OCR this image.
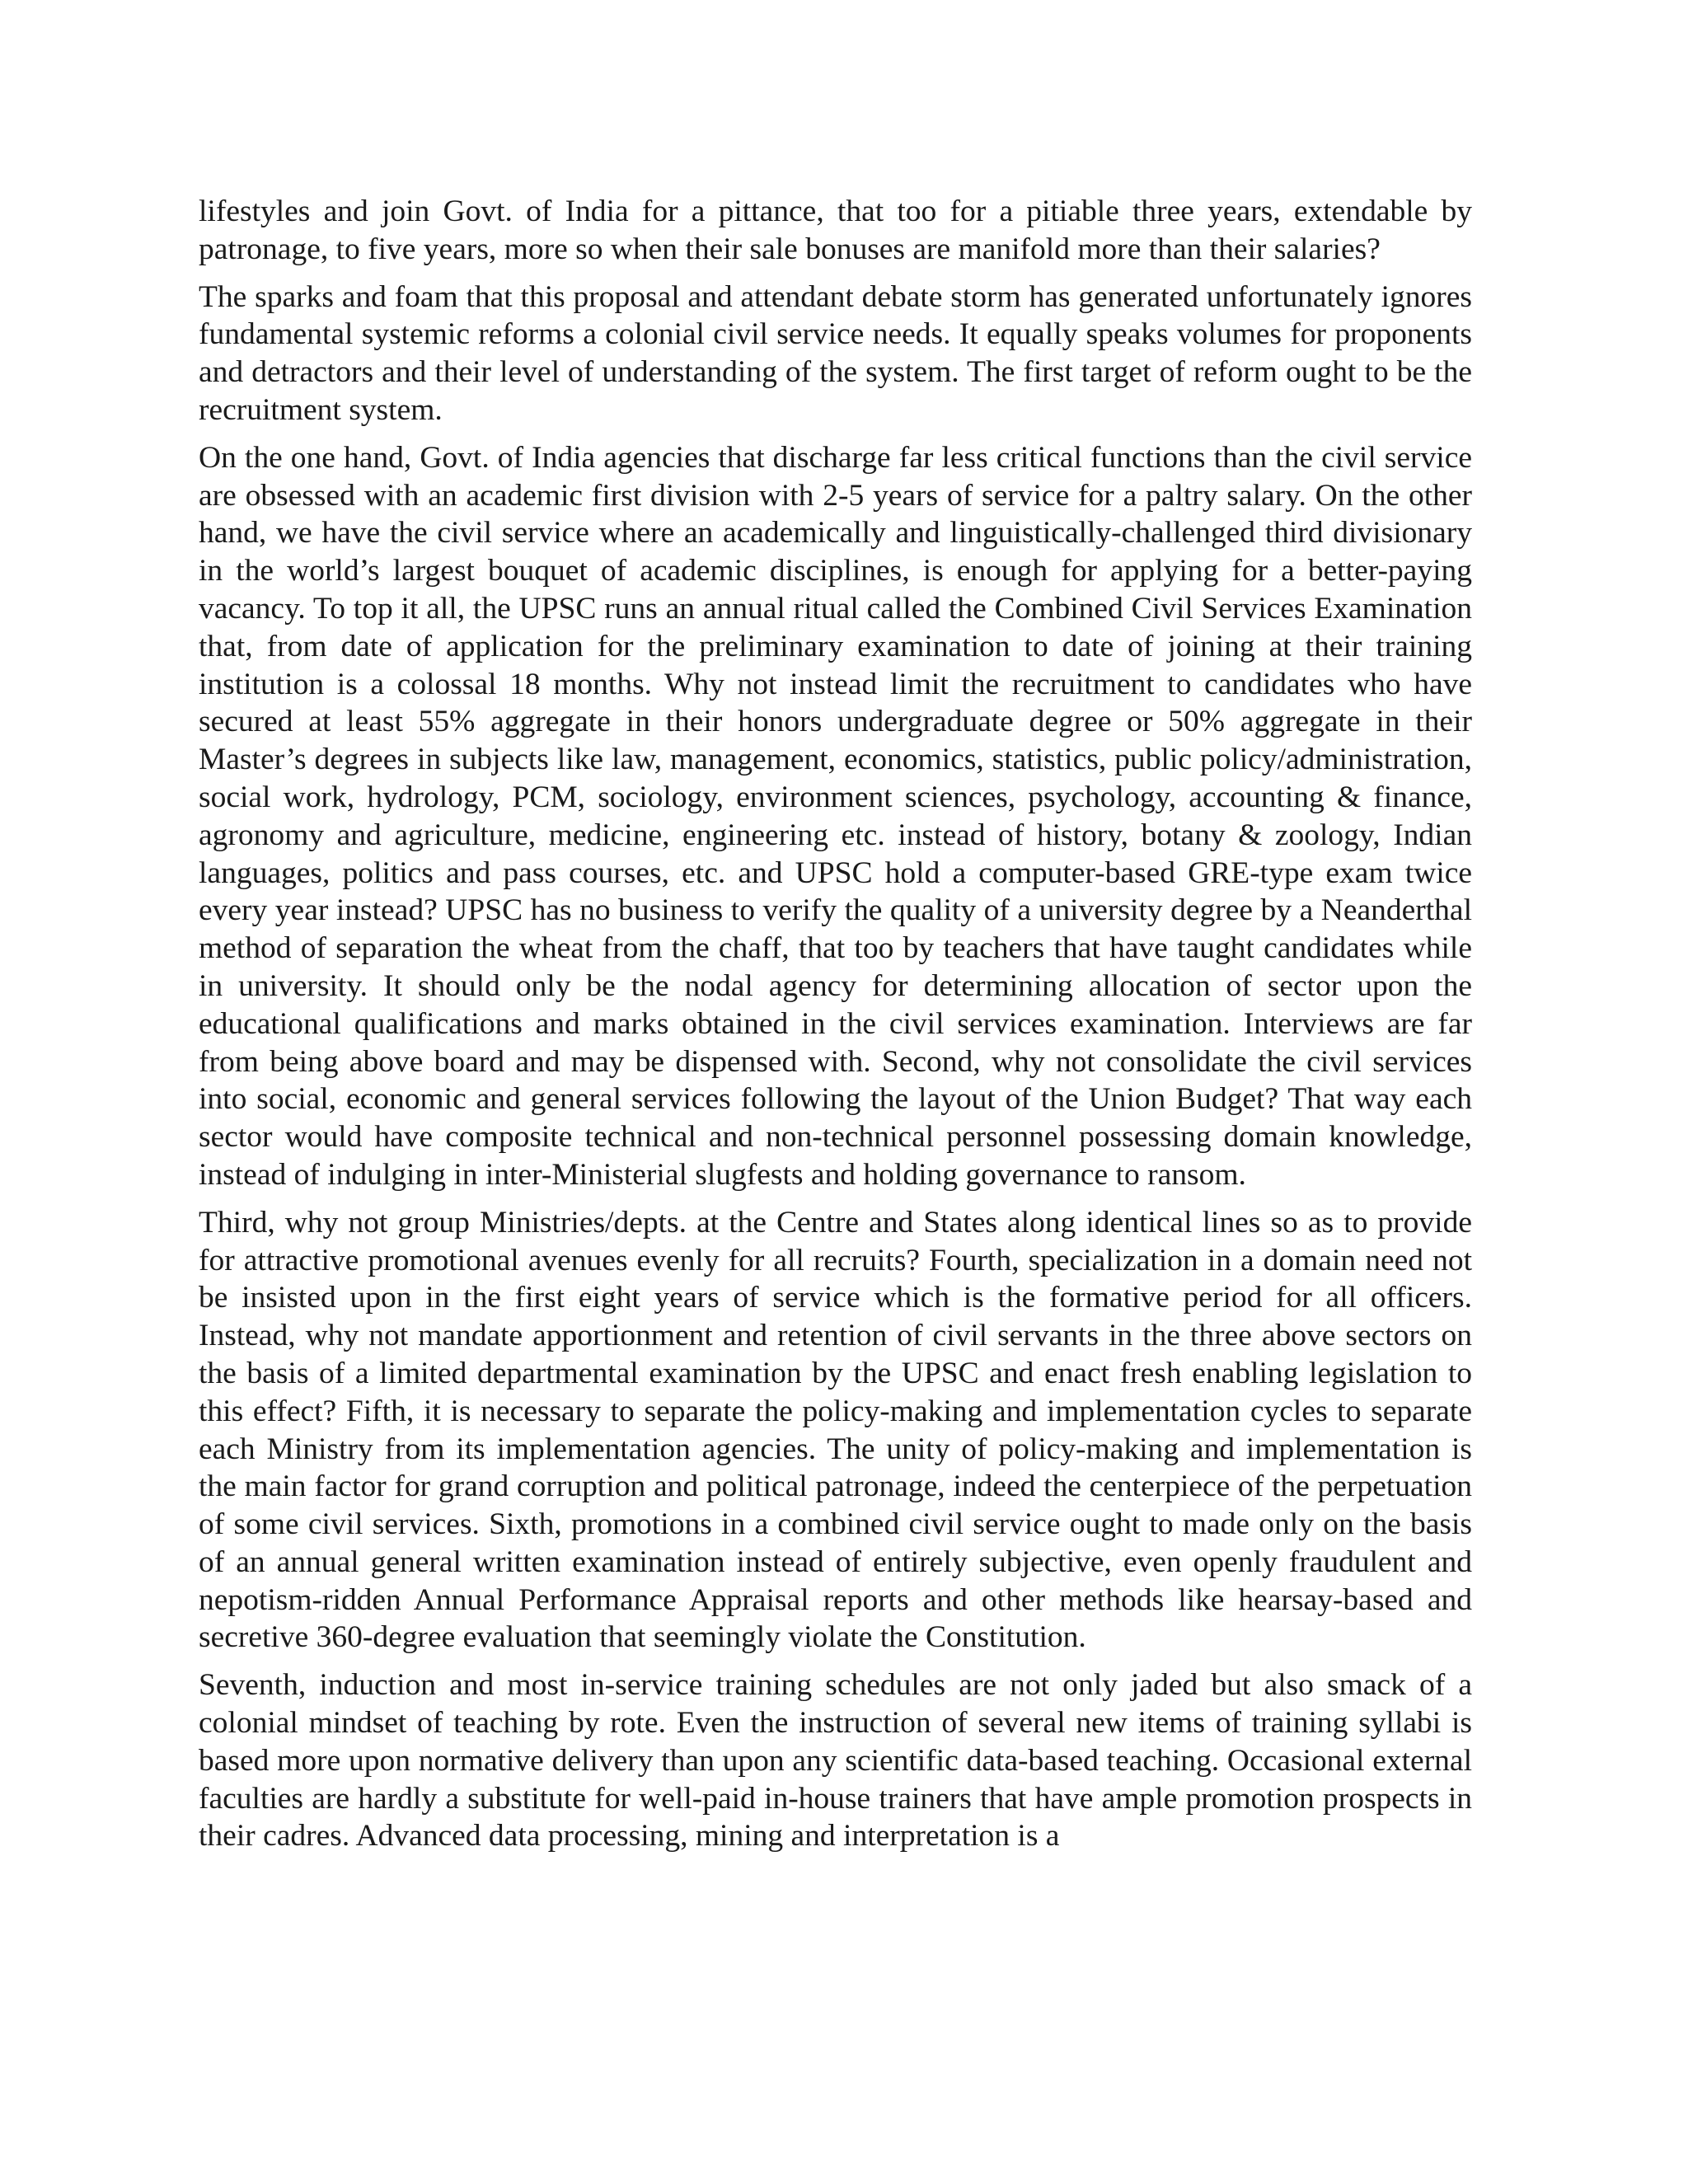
lifestyles and join Govt. of India for a pittance, that too for a pitiable three years, extendable by patronage, to five years, more so when their sale bonuses are manifold more than their salaries?

The sparks and foam that this proposal and attendant debate storm has generated unfortunately ignores fundamental systemic reforms a colonial civil service needs. It equally speaks volumes for proponents and detractors and their level of understanding of the system. The first target of reform ought to be the recruitment system.

On the one hand, Govt. of India agencies that discharge far less critical functions than the civil service are obsessed with an academic first division with 2-5 years of service for a paltry salary. On the other hand, we have the civil service where an academically and linguistically-challenged third divisionary in the world’s largest bouquet of academic disciplines, is enough for applying for a better-paying vacancy. To top it all, the UPSC runs an annual ritual called the Combined Civil Services Examination that, from date of application for the preliminary examination to date of joining at their training institution is a colossal 18 months. Why not instead limit the recruitment to candidates who have secured at least 55% aggregate in their honors undergraduate degree or 50% aggregate in their Master’s degrees in subjects like law, management, economics, statistics, public policy/administration, social work, hydrology, PCM, sociology, environment sciences, psychology, accounting & finance, agronomy and agriculture, medicine, engineering etc. instead of history, botany & zoology, Indian languages, politics and pass courses, etc. and UPSC hold a computer-based GRE-type exam twice every year instead? UPSC has no business to verify the quality of a university degree by a Neanderthal method of separation the wheat from the chaff, that too by teachers that have taught candidates while in university. It should only be the nodal agency for determining allocation of sector upon the educational qualifications and marks obtained in the civil services examination. Interviews are far from being above board and may be dispensed with. Second, why not consolidate the civil services into social, economic and general services following the layout of the Union Budget? That way each sector would have composite technical and non-technical personnel possessing domain knowledge, instead of indulging in inter-Ministerial slugfests and holding governance to ransom.

Third, why not group Ministries/depts. at the Centre and States along identical lines so as to provide for attractive promotional avenues evenly for all recruits? Fourth, specialization in a domain need not be insisted upon in the first eight years of service which is the formative period for all officers. Instead, why not mandate apportionment and retention of civil servants in the three above sectors on the basis of a limited departmental examination by the UPSC and enact fresh enabling legislation to this effect? Fifth, it is necessary to separate the policy-making and implementation cycles to separate each Ministry from its implementation agencies. The unity of policy-making and implementation is the main factor for grand corruption and political patronage, indeed the centerpiece of the perpetuation of some civil services. Sixth, promotions in a combined civil service ought to made only on the basis of an annual general written examination instead of entirely subjective, even openly fraudulent and nepotism-ridden Annual Performance Appraisal reports and other methods like hearsay-based and secretive 360-degree evaluation that seemingly violate the Constitution.

Seventh, induction and most in-service training schedules are not only jaded but also smack of a colonial mindset of teaching by rote. Even the instruction of several new items of training syllabi is based more upon normative delivery than upon any scientific data-based teaching. Occasional external faculties are hardly a substitute for well-paid in-house trainers that have ample promotion prospects in their cadres. Advanced data processing, mining and interpretation is a
